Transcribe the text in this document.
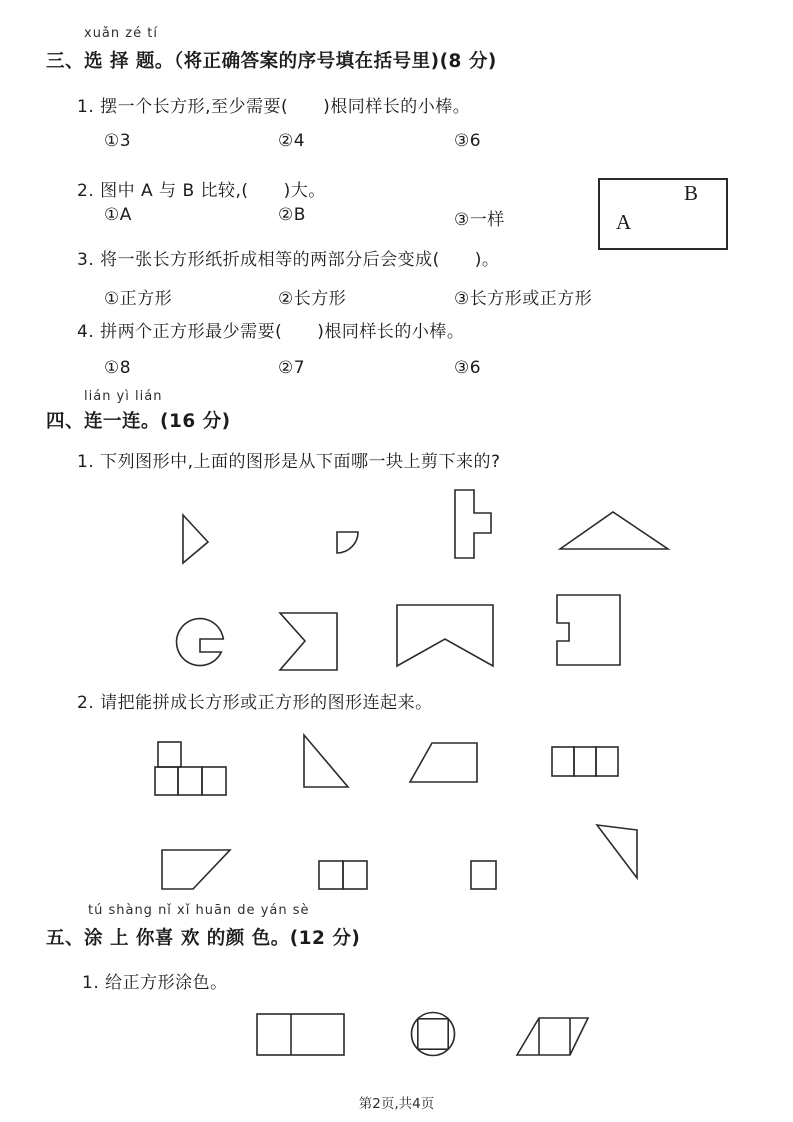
xuǎn zé tí
三、选 择 题。（将正确答案的序号填在括号里)(8 分)
1. 摆一个长方形,至少需要(　　)根同样长的小棒。
①3	②4	③6
2. 图中 A 与 B 比较,(　　)大。	B
A
①A	②B	③一样
3. 将一张长方形纸折成相等的两部分后会变成(　　)。
①正方形	②长方形	③长方形或正方形
4. 拼两个正方形最少需要(　　)根同样长的小棒。
①8	②7	③6
lián yì lián
四、连一连。(16 分)
1. 下列图形中,上面的图形是从下面哪一块上剪下来的?
2. 请把能拼成长方形或正方形的图形连起来。
tú shàng nǐ xǐ huān de yán sè
五、涂 上 你喜 欢 的颜 色。(12 分)
1. 给正方形涂色。
第2页,共4页
